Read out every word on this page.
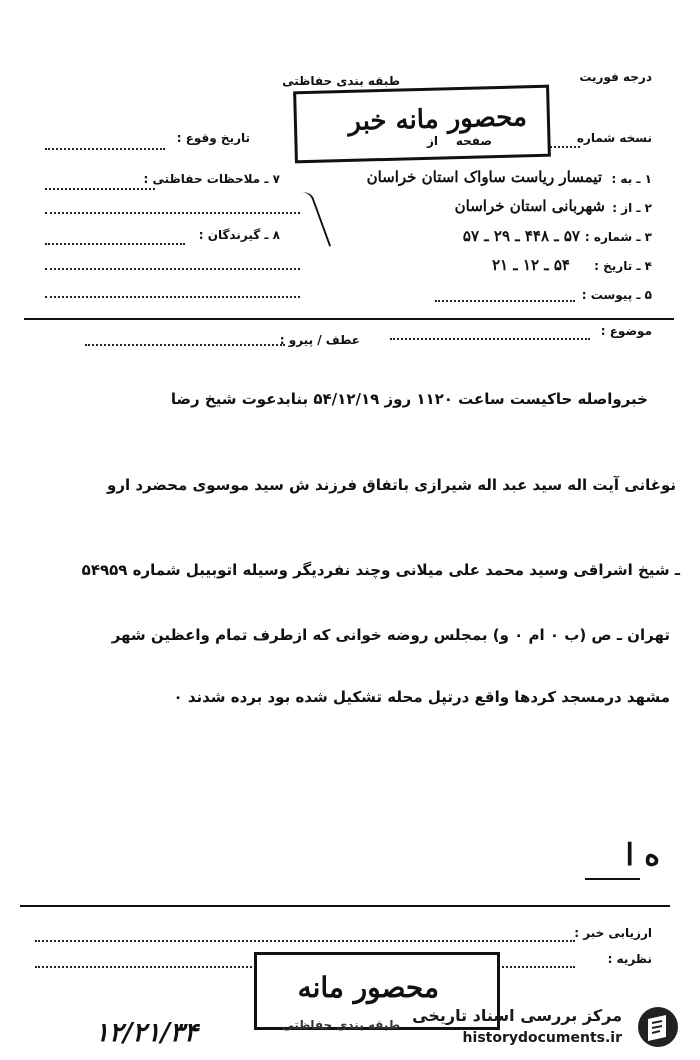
درجه فوریت
طبقه بندی حفاظتی
محصور مانه خبر
نسخه شماره
صفحه
از
تاریخ وقوع :
۱ ـ به :
تیمسار ریاست ساواک استان خراسان
۷ ـ ملاحظات حفاظتی :
۲ ـ از :
شهربانی استان خراسان
۳ ـ شماره :
۵۷ ـ ۴۴۸ ـ ۲۹ ـ ۵۷
۸ ـ گیرندگان :
۴ ـ تاریخ :
۵۴ ـ ۱۲ ـ ۲۱
۵ ـ پیوست :
موضوع :
عطف / پیرو :
خبرواصله حاکیست ساعت ۱۱۲۰ روز ۵۴/۱۲/۱۹ بنابدعوت شیخ رضا
نوغانی آیت اله سید عبد اله شیرازی باتفاق فرزند ش سید موسوی محضرد ارو
ـ شیخ اشراقی وسید محمد علی میلانی وچند نفردیگر وسیله اتوبیبل شماره ۵۴۹۵۹
تهران ـ ص (ب ۰ ام ۰ و) بمجلس روضه خوانی که ازطرف تمام واعظین شهر
مشهد درمسجد کردها واقع درتپل محله تشکیل شده بود برده شدند ۰
ه ا
ارزیابی خبر :
نظریه :
محصور مانه
طبقه بندی حفاظتی
۱۲/۲۱/۳۴
مرکز بررسی اسناد تاریخی
historydocuments.ir
